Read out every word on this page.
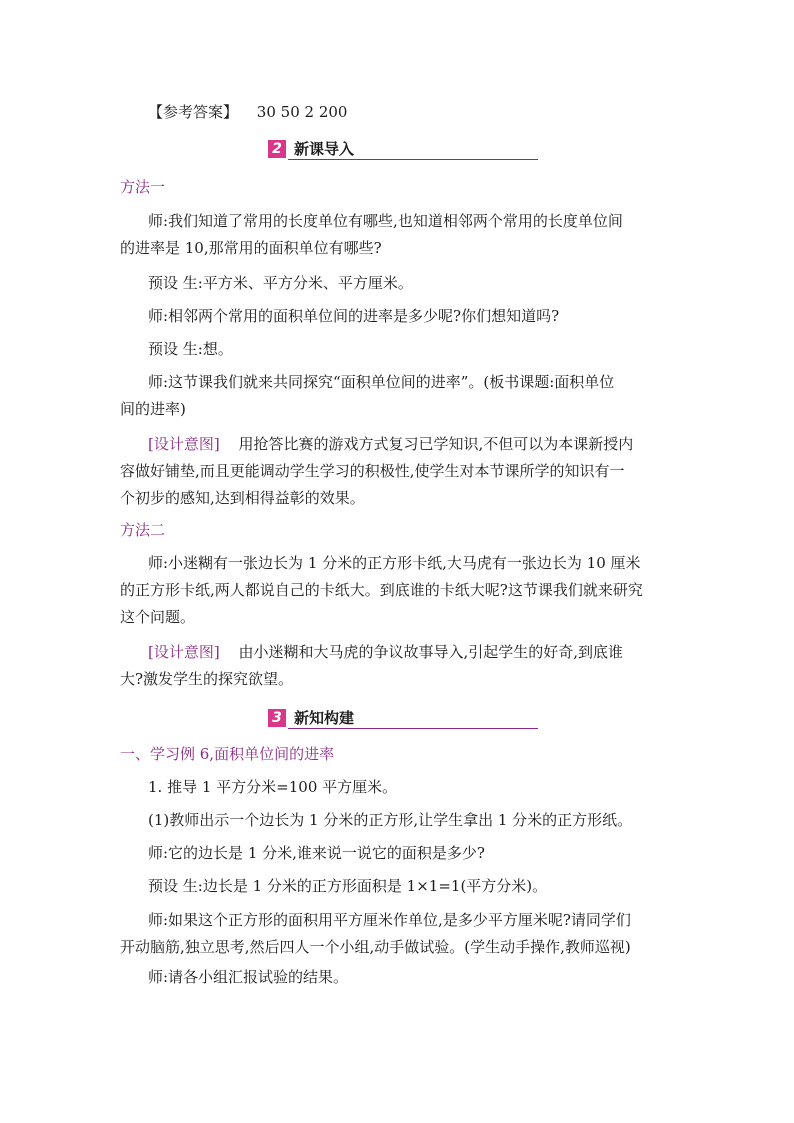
【参考答案】 30 50 2 200
2 新课导入
方法一
师:我们知道了常用的长度单位有哪些,也知道相邻两个常用的长度单位间
的进率是 10,那常用的面积单位有哪些?
预设 生:平方米、平方分米、平方厘米。
师:相邻两个常用的面积单位间的进率是多少呢?你们想知道吗?
预设 生:想。
师:这节课我们就来共同探究“面积单位间的进率”。(板书课题:面积单位
间的进率)
[设计意图] 用抢答比赛的游戏方式复习已学知识,不但可以为本课新授内
容做好铺垫,而且更能调动学生学习的积极性,使学生对本节课所学的知识有一
个初步的感知,达到相得益彰的效果。
方法二
师:小迷糊有一张边长为 1 分米的正方形卡纸,大马虎有一张边长为 10 厘米
的正方形卡纸,两人都说自己的卡纸大。到底谁的卡纸大呢?这节课我们就来研究
这个问题。
[设计意图] 由小迷糊和大马虎的争议故事导入,引起学生的好奇,到底谁
大?激发学生的探究欲望。
3 新知构建
一、学习例 6,面积单位间的进率
1. 推导 1 平方分米=100 平方厘米。
(1)教师出示一个边长为 1 分米的正方形,让学生拿出 1 分米的正方形纸。
师:它的边长是 1 分米,谁来说一说它的面积是多少?
预设 生:边长是 1 分米的正方形面积是 1×1=1(平方分米)。
师:如果这个正方形的面积用平方厘米作单位,是多少平方厘米呢?请同学们
开动脑筋,独立思考,然后四人一个小组,动手做试验。(学生动手操作,教师巡视)
师:请各小组汇报试验的结果。
